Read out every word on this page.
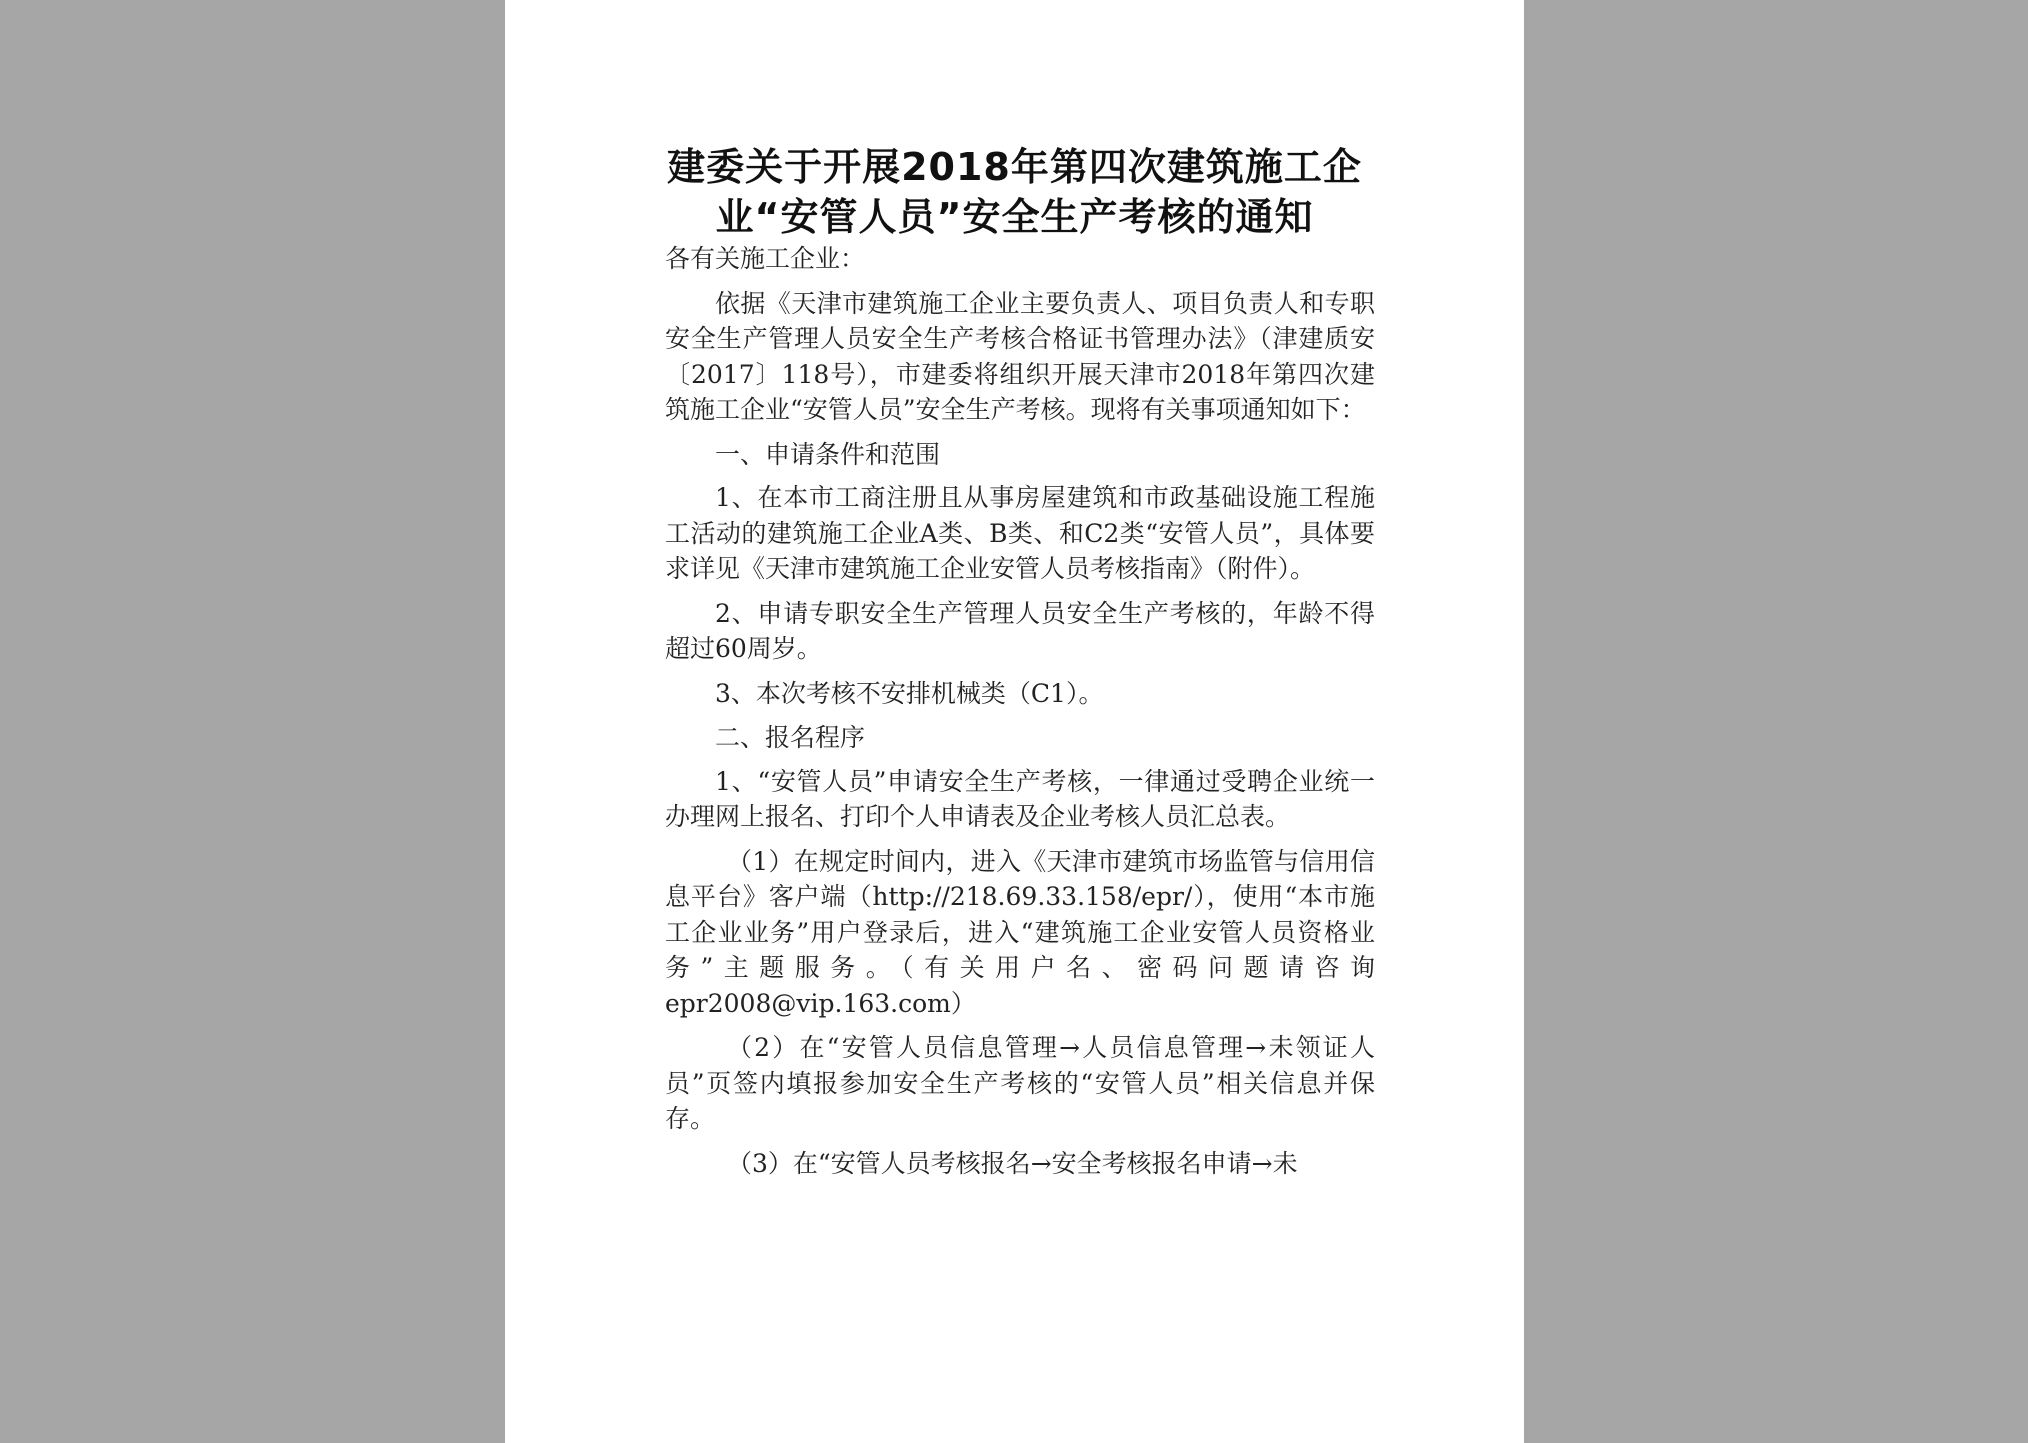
建委关于开展2018年第四次建筑施工企
业“安管人员”安全生产考核的通知

各有关施工企业：

依据《天津市建筑施工企业主要负责人、项目负责人和专职安全生产管理人员安全生产考核合格证书管理办法》（津建质安〔2017〕118号），市建委将组织开展天津市2018年第四次建筑施工企业“安管人员”安全生产考核。现将有关事项通知如下：

一、申请条件和范围

1、在本市工商注册且从事房屋建筑和市政基础设施工程施工活动的建筑施工企业A类、B类、和C2类“安管人员”，具体要求详见《天津市建筑施工企业安管人员考核指南》（附件）。

2、申请专职安全生产管理人员安全生产考核的，年龄不得超过60周岁。

3、本次考核不安排机械类（C1）。

二、报名程序

1、“安管人员”申请安全生产考核，一律通过受聘企业统一办理网上报名、打印个人申请表及企业考核人员汇总表。

（1）在规定时间内，进入《天津市建筑市场监管与信用信息平台》客户端（http://218.69.33.158/epr/），使用“本市施工企业业务”用户登录后，进入“建筑施工企业安管人员资格业务”主题服务。（有关用户名、密码问题请咨询epr2008@vip.163.com）

（2）在“安管人员信息管理→人员信息管理→未领证人员”页签内填报参加安全生产考核的“安管人员”相关信息并保存。

（3）在“安管人员考核报名→安全考核报名申请→未
